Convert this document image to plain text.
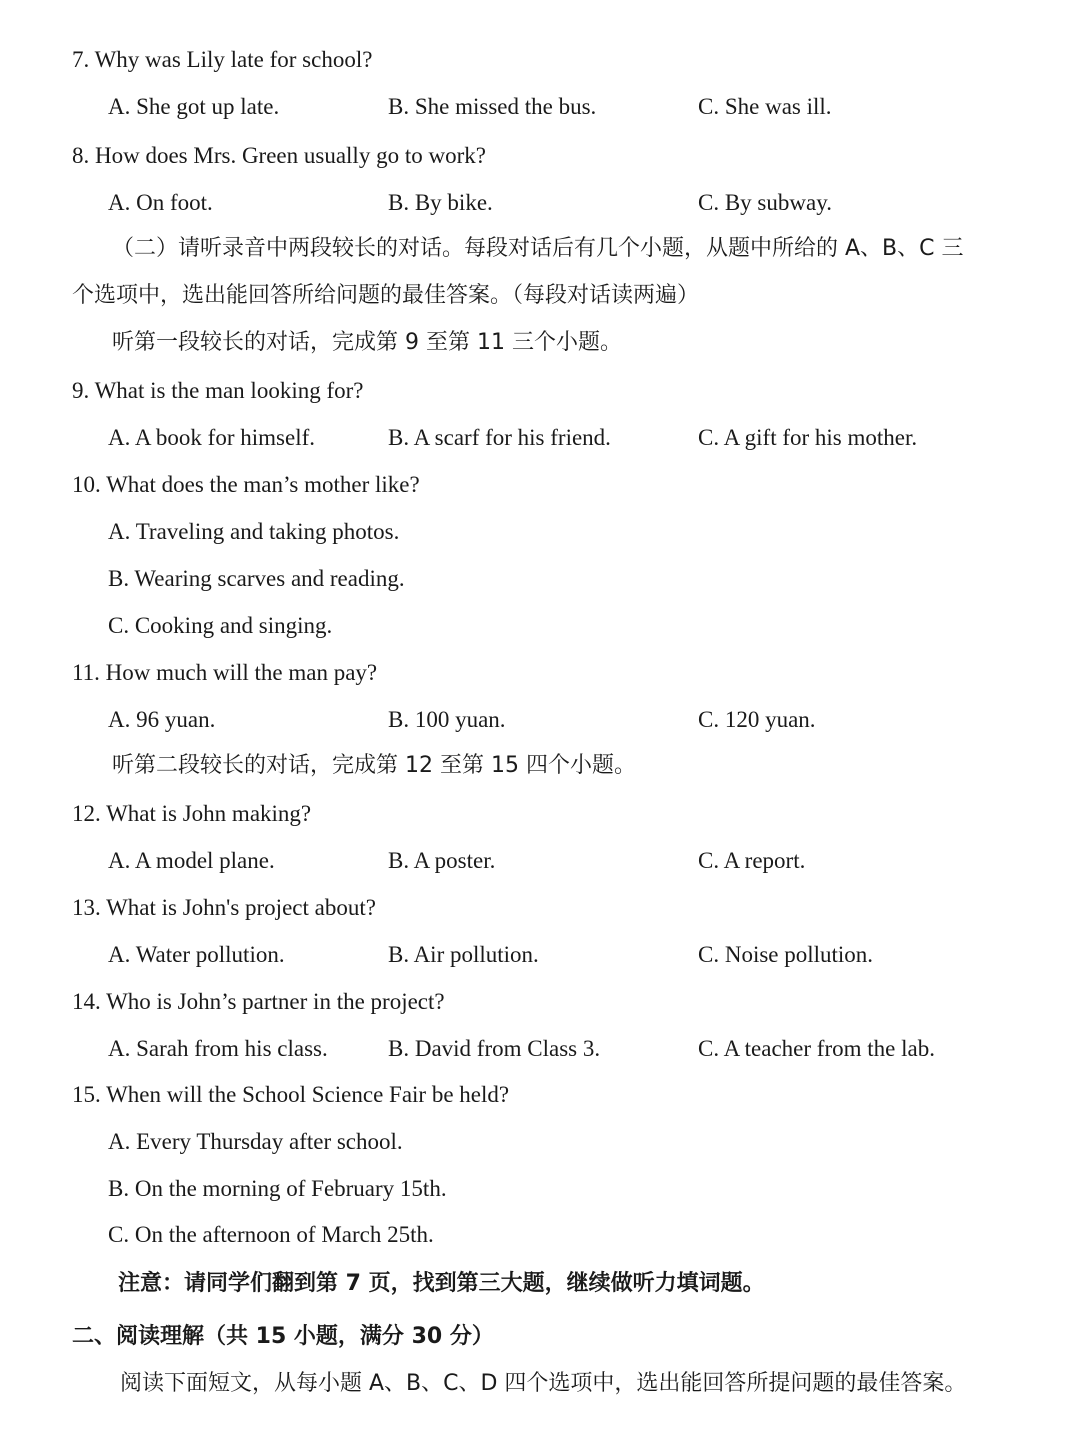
7. Why was Lily late for school?
A. She got up late.	B. She missed the bus.	C. She was ill.
8. How does Mrs. Green usually go to work?
A. On foot.	B. By bike.	C. By subway.
（二）请听录音中两段较长的对话。每段对话后有几个小题，从题中所给的 A、B、C 三
个选项中，选出能回答所给问题的最佳答案。（每段对话读两遍）
听第一段较长的对话，完成第 9 至第 11 三个小题。
9. What is the man looking for?
A. A book for himself.	B. A scarf for his friend.	C. A gift for his mother.
10. What does the man’s mother like?
A. Traveling and taking photos.
B. Wearing scarves and reading.
C. Cooking and singing.
11. How much will the man pay?
A. 96 yuan.	B. 100 yuan.	C. 120 yuan.
听第二段较长的对话，完成第 12 至第 15 四个小题。
12. What is John making?
A. A model plane.	B. A poster.	C. A report.
13. What is John's project about?
A. Water pollution.	B. Air pollution.	C. Noise pollution.
14. Who is John’s partner in the project?
A. Sarah from his class.	B. David from Class 3.	C. A teacher from the lab.
15. When will the School Science Fair be held?
A. Every Thursday after school.
B. On the morning of February 15th.
C. On the afternoon of March 25th.
注意：请同学们翻到第 7 页，找到第三大题，继续做听力填词题。
二、阅读理解（共 15 小题，满分 30 分）
阅读下面短文，从每小题 A、B、C、D 四个选项中，选出能回答所提问题的最佳答案。
